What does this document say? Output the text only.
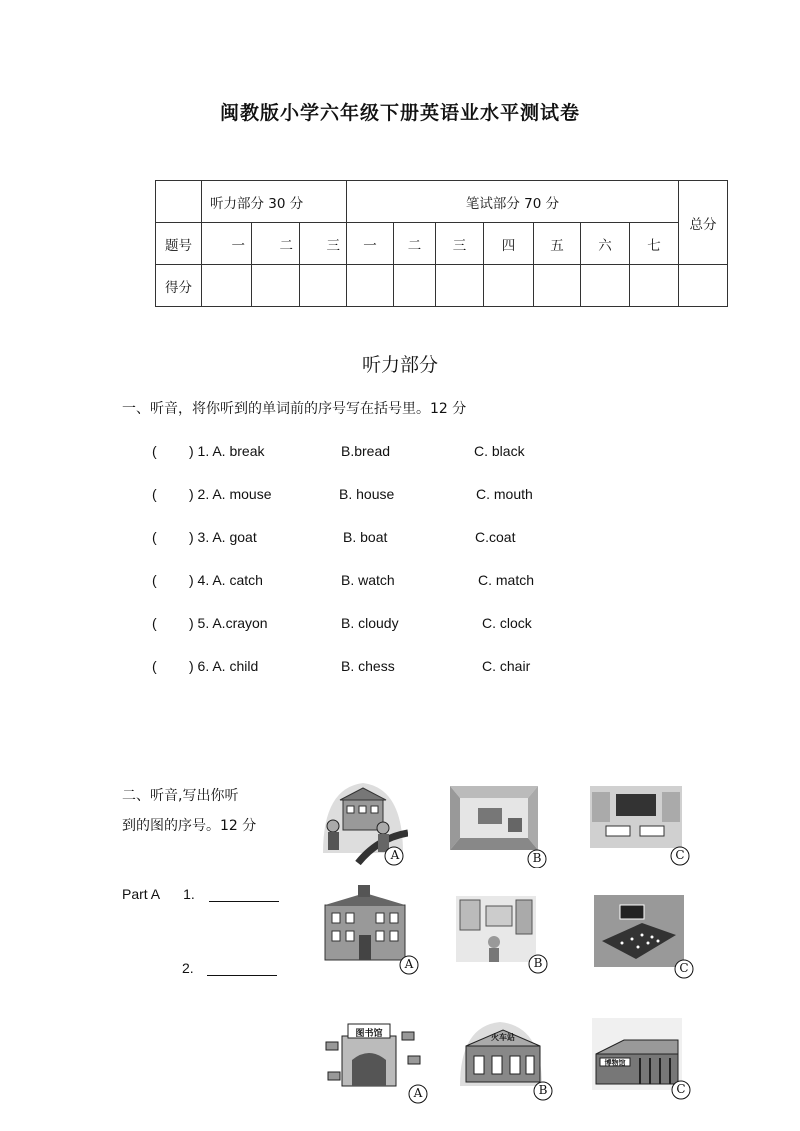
闽教版小学六年级下册英语业水平测试卷
	听力部分 30 分			笔试部分 70 分							总分
题号	一	二	三	一	二	三	四	五	六	七	
得分											
听力部分
一、听音，将你听到的单词前的序号写在括号里。12 分
( ) 1. A. break	B.bread	C. black
( ) 2. A. mouse	B. house	C. mouth
( ) 3. A. goat	B. boat	C.coat
( ) 4. A. catch	B. watch	C. match
( ) 5. A.crayon	B. cloudy	C. clock
( ) 6. A. child	B. chess	C. chair
二、听音,写出你听
到的图的序号。12 分
Part A 1.
2.
A	B	C
A	B	C
图书馆
A
火车站
B
博物馆
C
